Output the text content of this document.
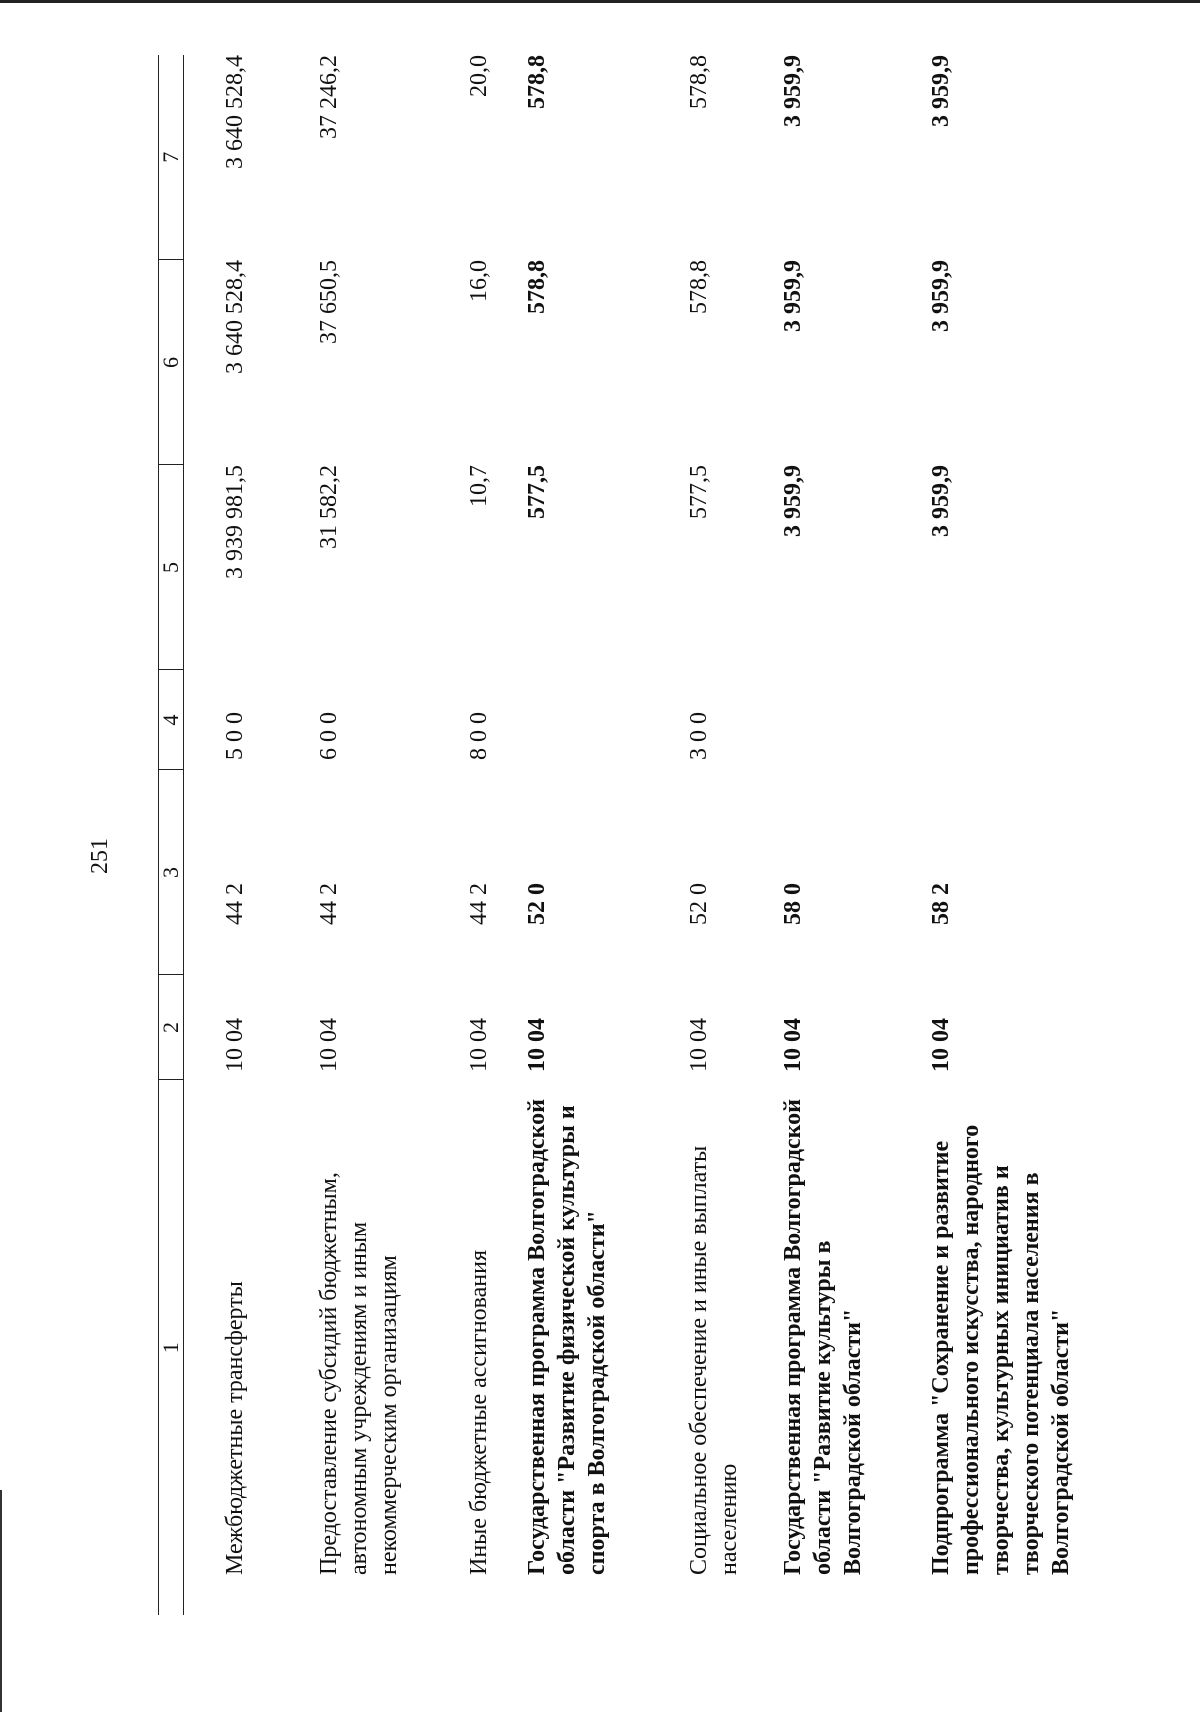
251
1	2	3	4	5	6	7
Межбюджетные трансферты	10 04	44 2	5 0 0	3 939 981,5	3 640 528,4	3 640 528,4
Предоставление субсидий бюджетным, автономным учреждениям и иным некоммерческим организациям	10 04	44 2	6 0 0	31 582,2	37 650,5	37 246,2
Иные бюджетные ассигнования	10 04	44 2	8 0 0	10,7	16,0	20,0
Государственная программа Волгоградской области "Развитие физической культуры и спорта в Волгоградской области"	10 04	52 0		577,5	578,8	578,8
Социальное обеспечение и иные выплаты населению	10 04	52 0	3 0 0	577,5	578,8	578,8
Государственная программа Волгоградской области "Развитие культуры в Волгоградской области"	10 04	58 0		3 959,9	3 959,9	3 959,9
Подпрограмма "Сохранение и развитие профессионального искусства, народного творчества, культурных инициатив и творческого потенциала населения в Волгоградской области"	10 04	58 2		3 959,9	3 959,9	3 959,9
